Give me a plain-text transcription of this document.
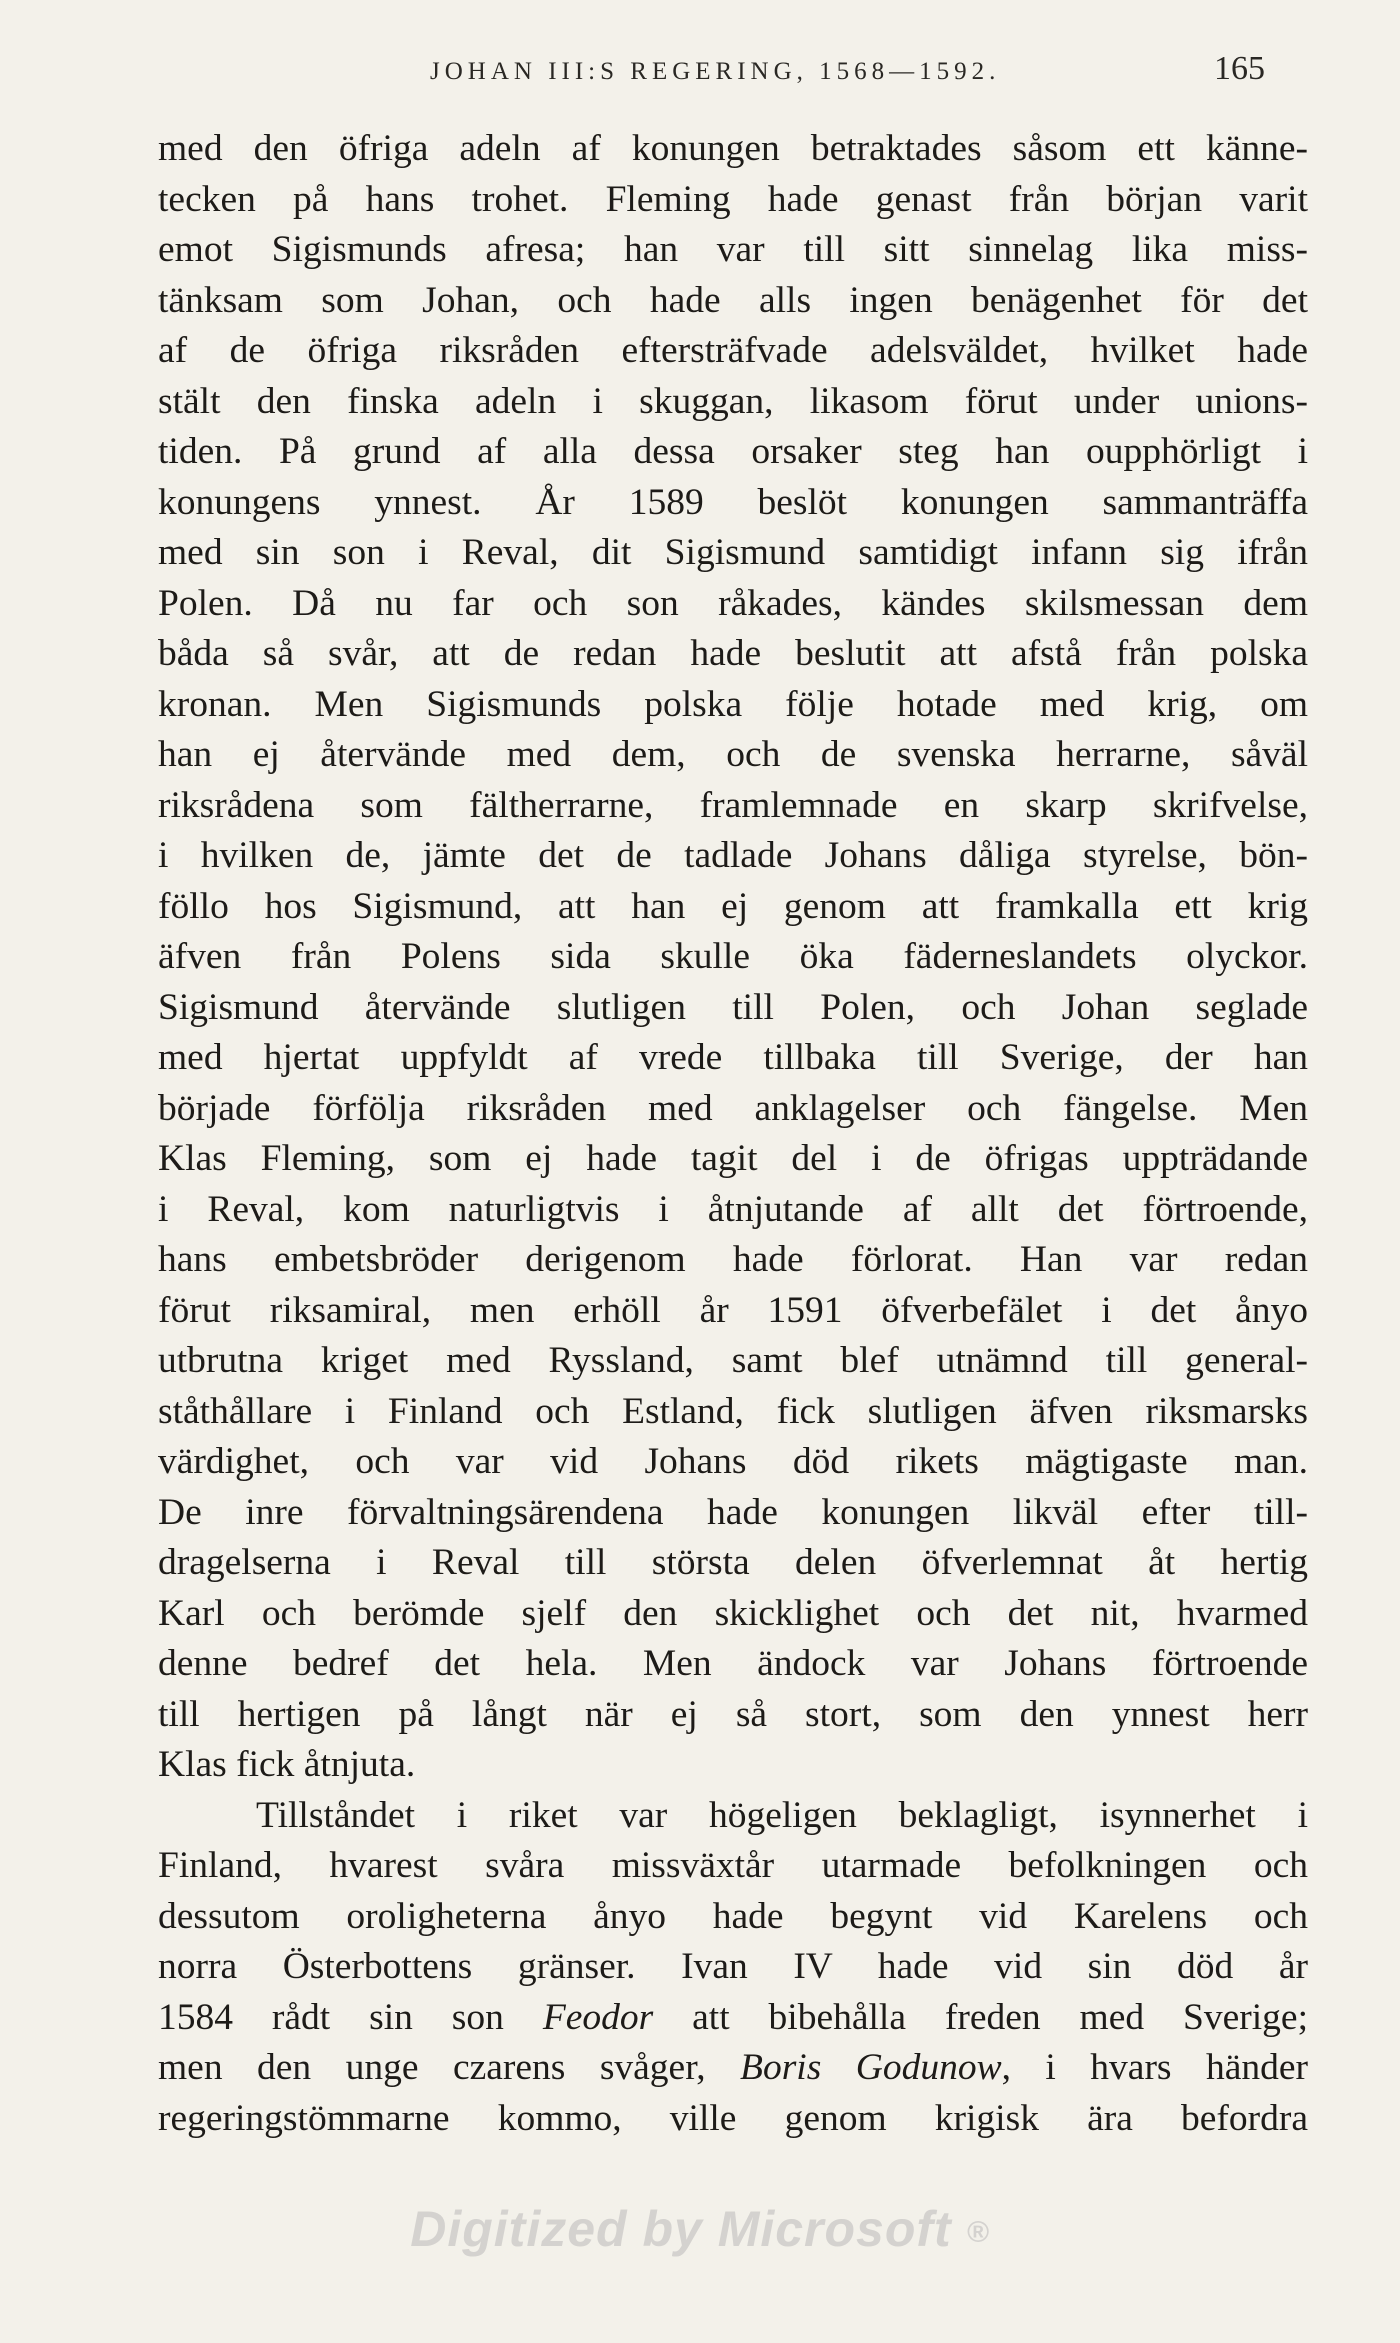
JOHAN III:S REGERING, 1568—1592.	165
med den öfriga adeln af konungen betraktades såsom ett känne-
tecken på hans trohet. Fleming hade genast från början varit
emot Sigismunds afresa; han var till sitt sinnelag lika miss-
tänksam som Johan, och hade alls ingen benägenhet för det
af de öfriga riksråden eftersträfvade adelsväldet, hvilket hade
stält den finska adeln i skuggan, likasom förut under unions-
tiden. På grund af alla dessa orsaker steg han oupphörligt i
konungens ynnest. År 1589 beslöt konungen sammanträffa
med sin son i Reval, dit Sigismund samtidigt infann sig ifrån
Polen. Då nu far och son råkades, kändes skilsmessan dem
båda så svår, att de redan hade beslutit att afstå från polska
kronan. Men Sigismunds polska följe hotade med krig, om
han ej återvände med dem, och de svenska herrarne, såväl
riksrådena som fältherrarne, framlemnade en skarp skrifvelse,
i hvilken de, jämte det de tadlade Johans dåliga styrelse, bön-
föllo hos Sigismund, att han ej genom att framkalla ett krig
äfven från Polens sida skulle öka fäderneslandets olyckor.
Sigismund återvände slutligen till Polen, och Johan seglade
med hjertat uppfyldt af vrede tillbaka till Sverige, der han
började förfölja riksråden med anklagelser och fängelse. Men
Klas Fleming, som ej hade tagit del i de öfrigas uppträdande
i Reval, kom naturligtvis i åtnjutande af allt det förtroende,
hans embetsbröder derigenom hade förlorat. Han var redan
förut riksamiral, men erhöll år 1591 öfverbefälet i det ånyo
utbrutna kriget med Ryssland, samt blef utnämnd till general-
ståthållare i Finland och Estland, fick slutligen äfven riksmarsks
värdighet, och var vid Johans död rikets mägtigaste man.
De inre förvaltningsärendena hade konungen likväl efter till-
dragelserna i Reval till största delen öfverlemnat åt hertig
Karl och berömde sjelf den skicklighet och det nit, hvarmed
denne bedref det hela. Men ändock var Johans förtroende
till hertigen på långt när ej så stort, som den ynnest herr
Klas fick åtnjuta.
Tillståndet i riket var högeligen beklagligt, isynnerhet i
Finland, hvarest svåra missväxtår utarmade befolkningen och
dessutom oroligheterna ånyo hade begynt vid Karelens och
norra Österbottens gränser. Ivan IV hade vid sin död år
1584 rådt sin son Feodor att bibehålla freden med Sverige;
men den unge czarens svåger, Boris Godunow, i hvars händer
regeringstömmarne kommo, ville genom krigisk ära befordra
Digitized by Microsoft ®
